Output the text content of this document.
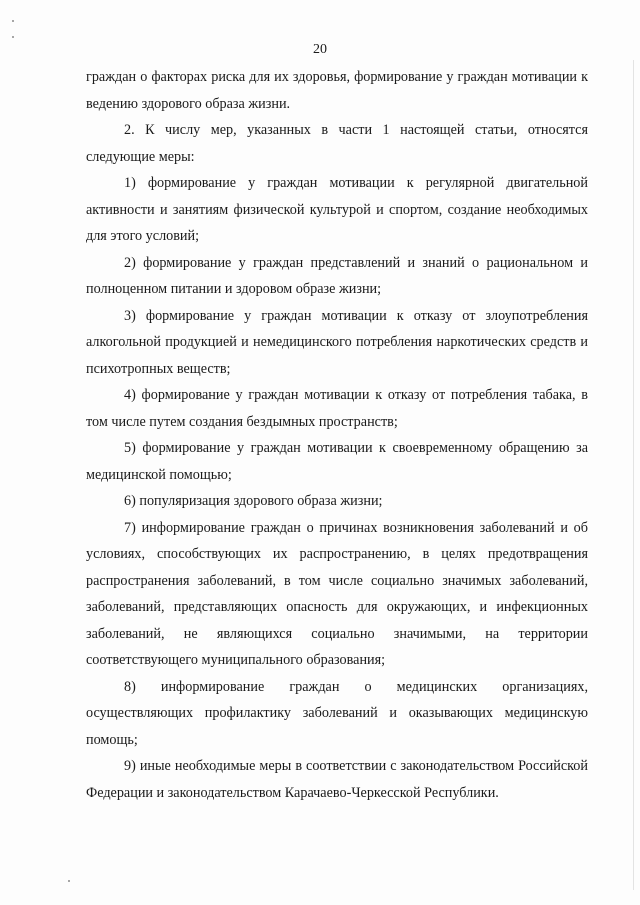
20

граждан о факторах риска для их здоровья, формирование у граждан мотивации к ведению здорового образа жизни.

2. К числу мер, указанных в части 1 настоящей статьи, относятся следующие меры:

1) формирование у граждан мотивации к регулярной двигательной активности и занятиям физической культурой и спортом, создание необходимых для этого условий;

2) формирование у граждан представлений и знаний о рациональном и полноценном питании и здоровом образе жизни;

3) формирование у граждан мотивации к отказу от злоупотребления алкогольной продукцией и немедицинского потребления наркотических средств и психотропных веществ;

4) формирование у граждан мотивации к отказу от потребления табака, в том числе путем создания бездымных пространств;

5) формирование у граждан мотивации к своевременному обращению за медицинской помощью;

6) популяризация здорового образа жизни;

7) информирование граждан о причинах возникновения заболеваний и об условиях, способствующих их распространению, в целях предотвращения распространения заболеваний, в том числе социально значимых заболеваний, заболеваний, представляющих опасность для окружающих, и инфекционных заболеваний, не являющихся социально значимыми, на территории соответствующего муниципального образования;

8) информирование граждан о медицинских организациях, осуществляющих профилактику заболеваний и оказывающих медицинскую помощь;

9) иные необходимые меры в соответствии с законодательством Российской Федерации и законодательством Карачаево-Черкесской Республики.
